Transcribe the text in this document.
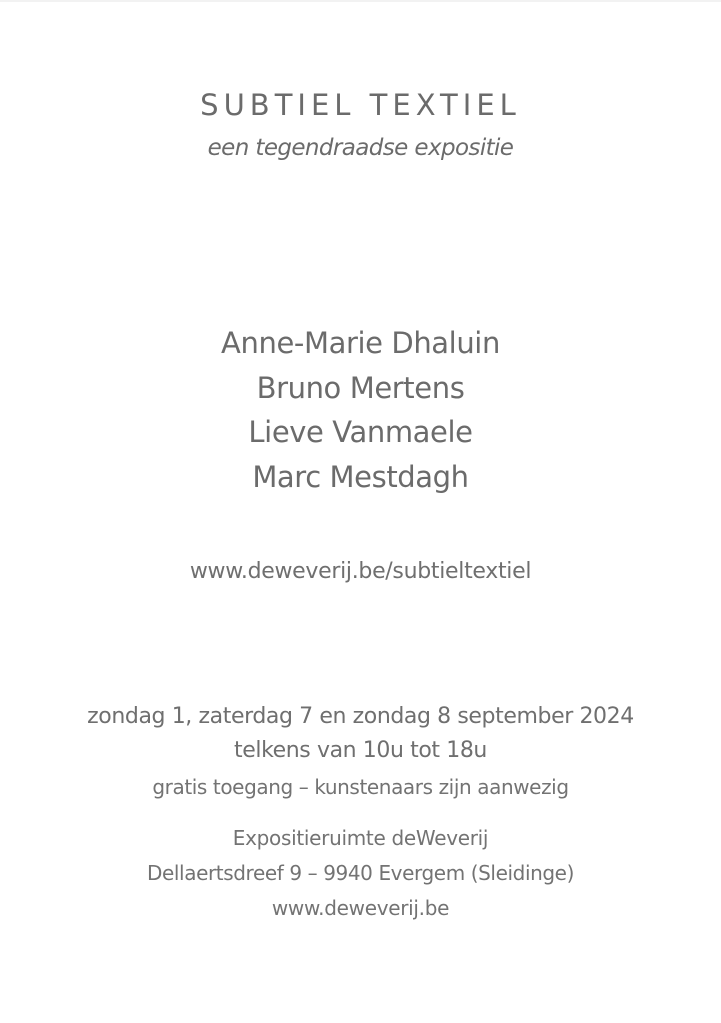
SUBTIEL TEXTIEL
een tegendraadse expositie
Anne-Marie Dhaluin
Bruno Mertens
Lieve Vanmaele
Marc Mestdagh
www.deweverij.be/subtieltextiel
zondag 1, zaterdag 7 en zondag 8 september 2024
telkens van 10u tot 18u
gratis toegang – kunstenaars zijn aanwezig
Expositieruimte deWeverij
Dellaertsdreef 9 – 9940 Evergem (Sleidinge)
www.deweverij.be
